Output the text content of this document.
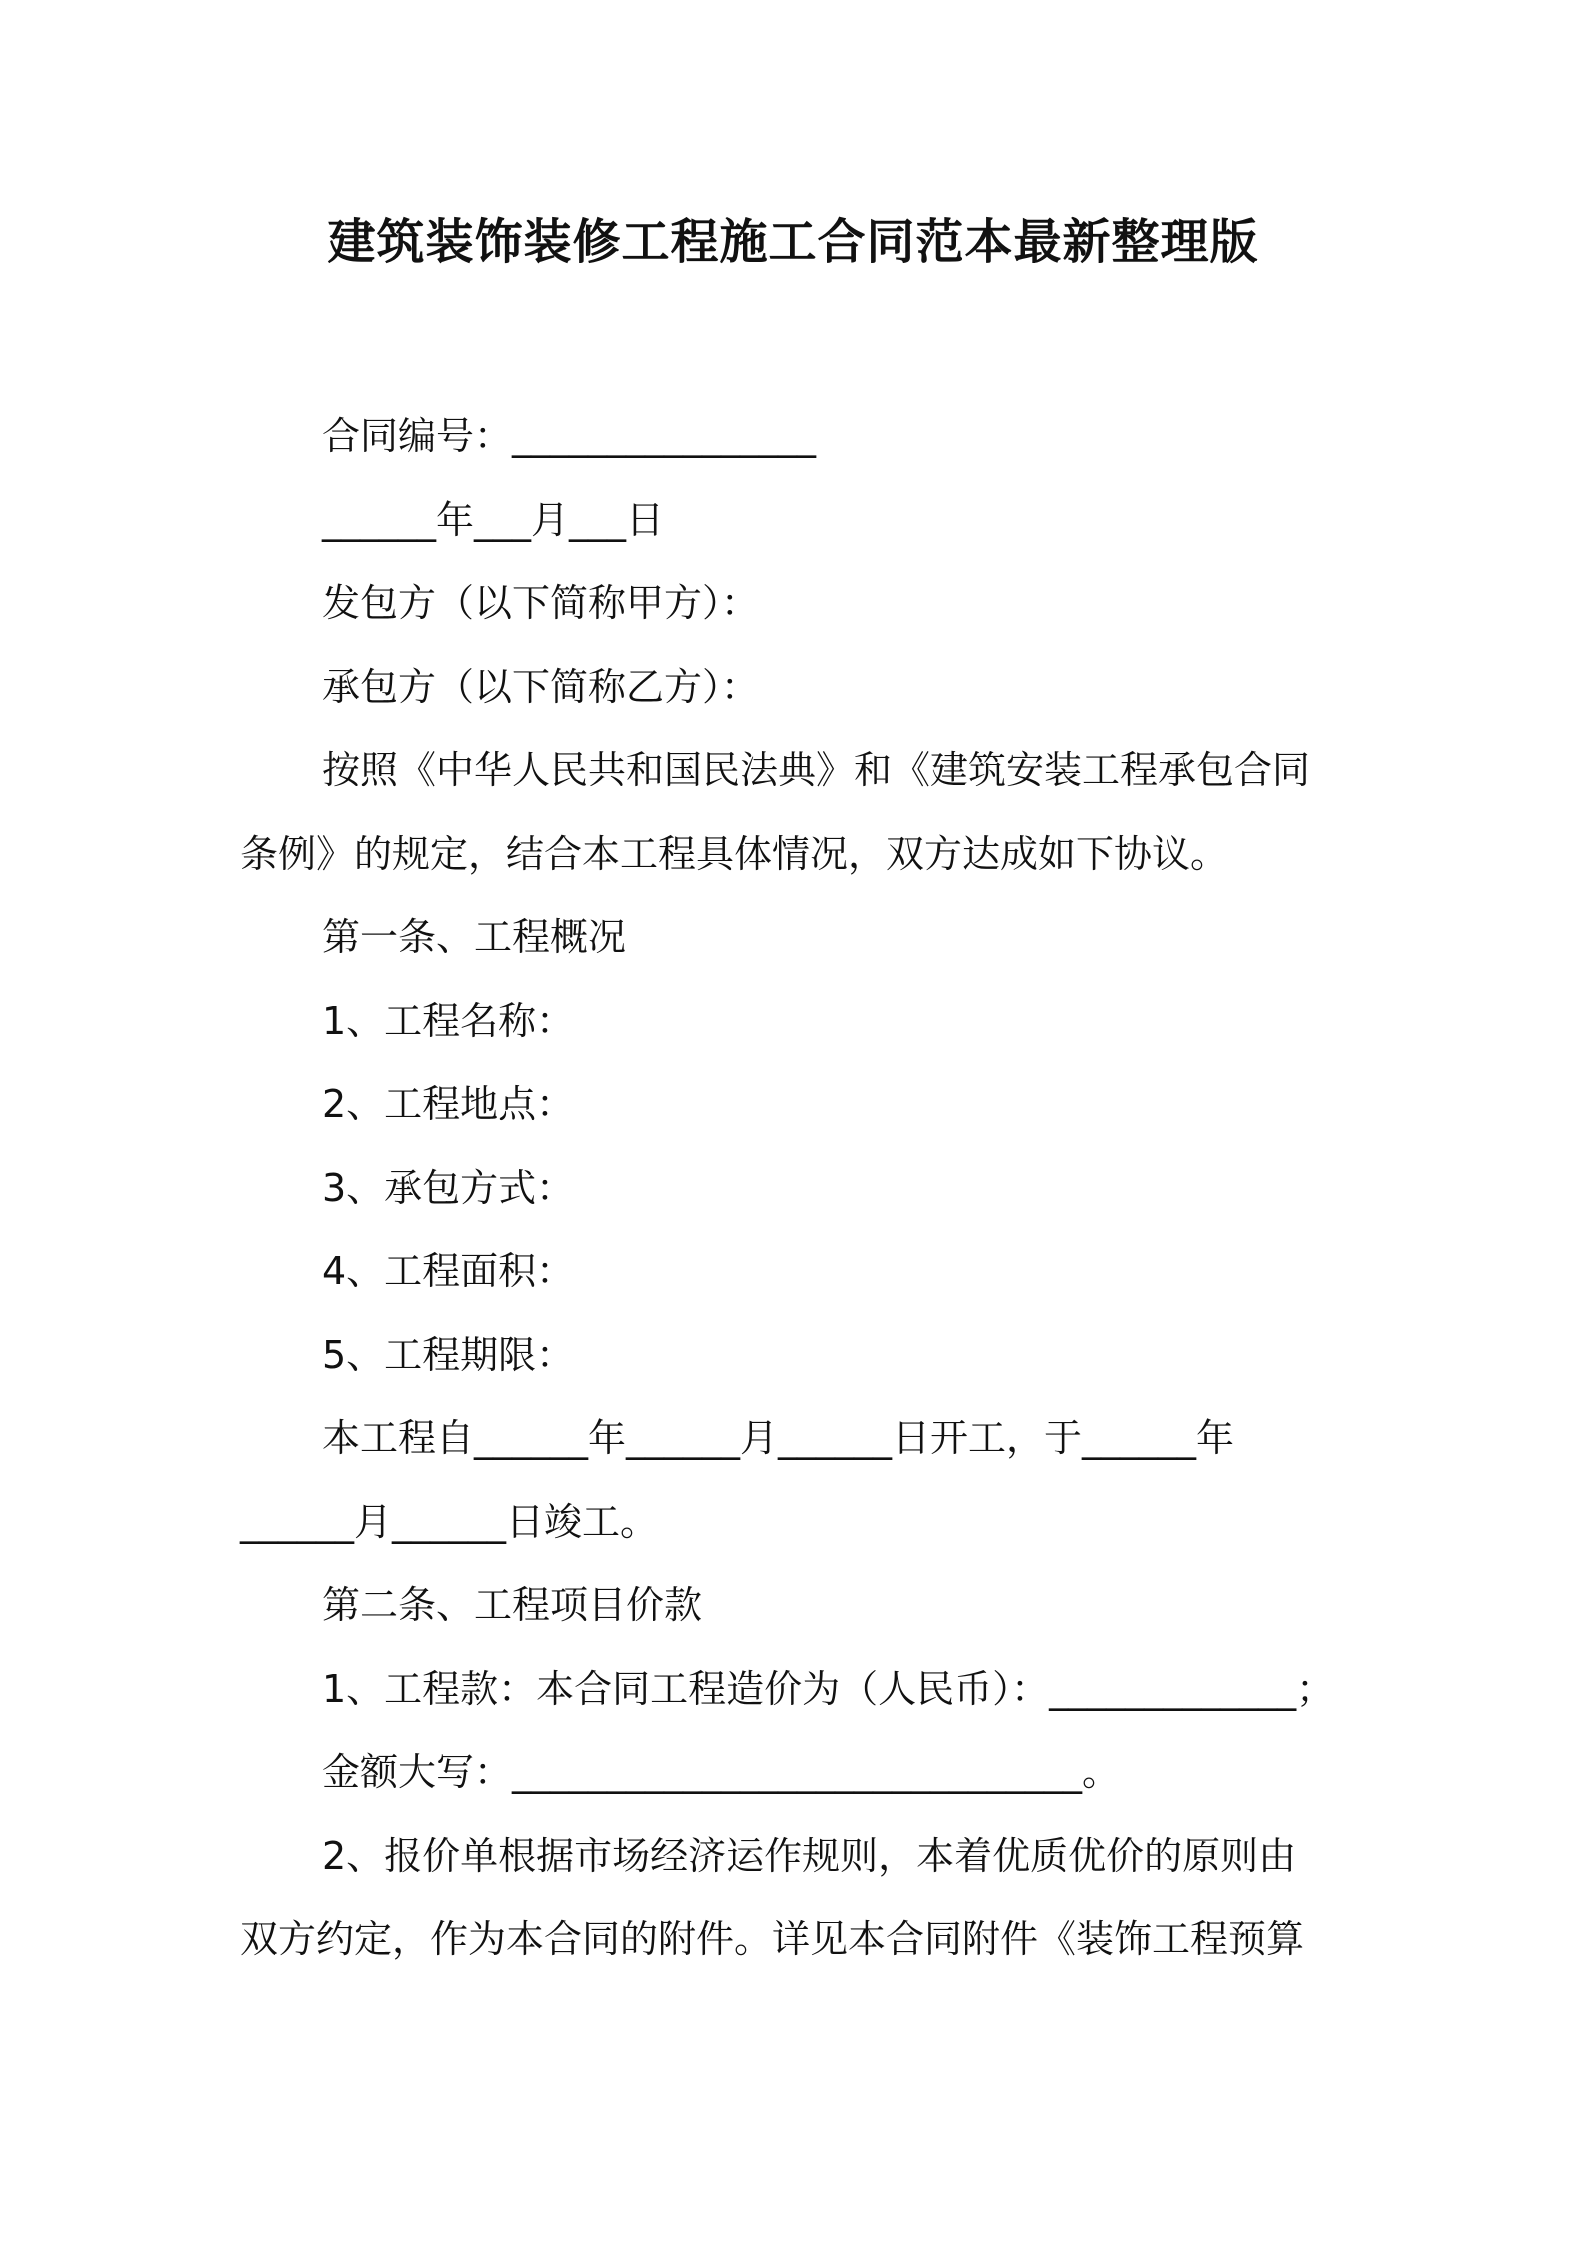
建筑装饰装修工程施工合同范本最新整理版
合同编号：________________
______年___月___日
发包方（以下简称甲方）：
承包方（以下简称乙方）：
按照《中华人民共和国民法典》和《建筑安装工程承包合同
条例》的规定，结合本工程具体情况，双方达成如下协议。
第一条、工程概况
1、工程名称：
2、工程地点：
3、承包方式：
4、工程面积：
5、工程期限：
本工程自______年______月______日开工，于______年
______月______日竣工。
第二条、工程项目价款
1、工程款：本合同工程造价为（人民币）：_____________；
金额大写：______________________________。
2、报价单根据市场经济运作规则，本着优质优价的原则由
双方约定，作为本合同的附件。详见本合同附件《装饰工程预算
